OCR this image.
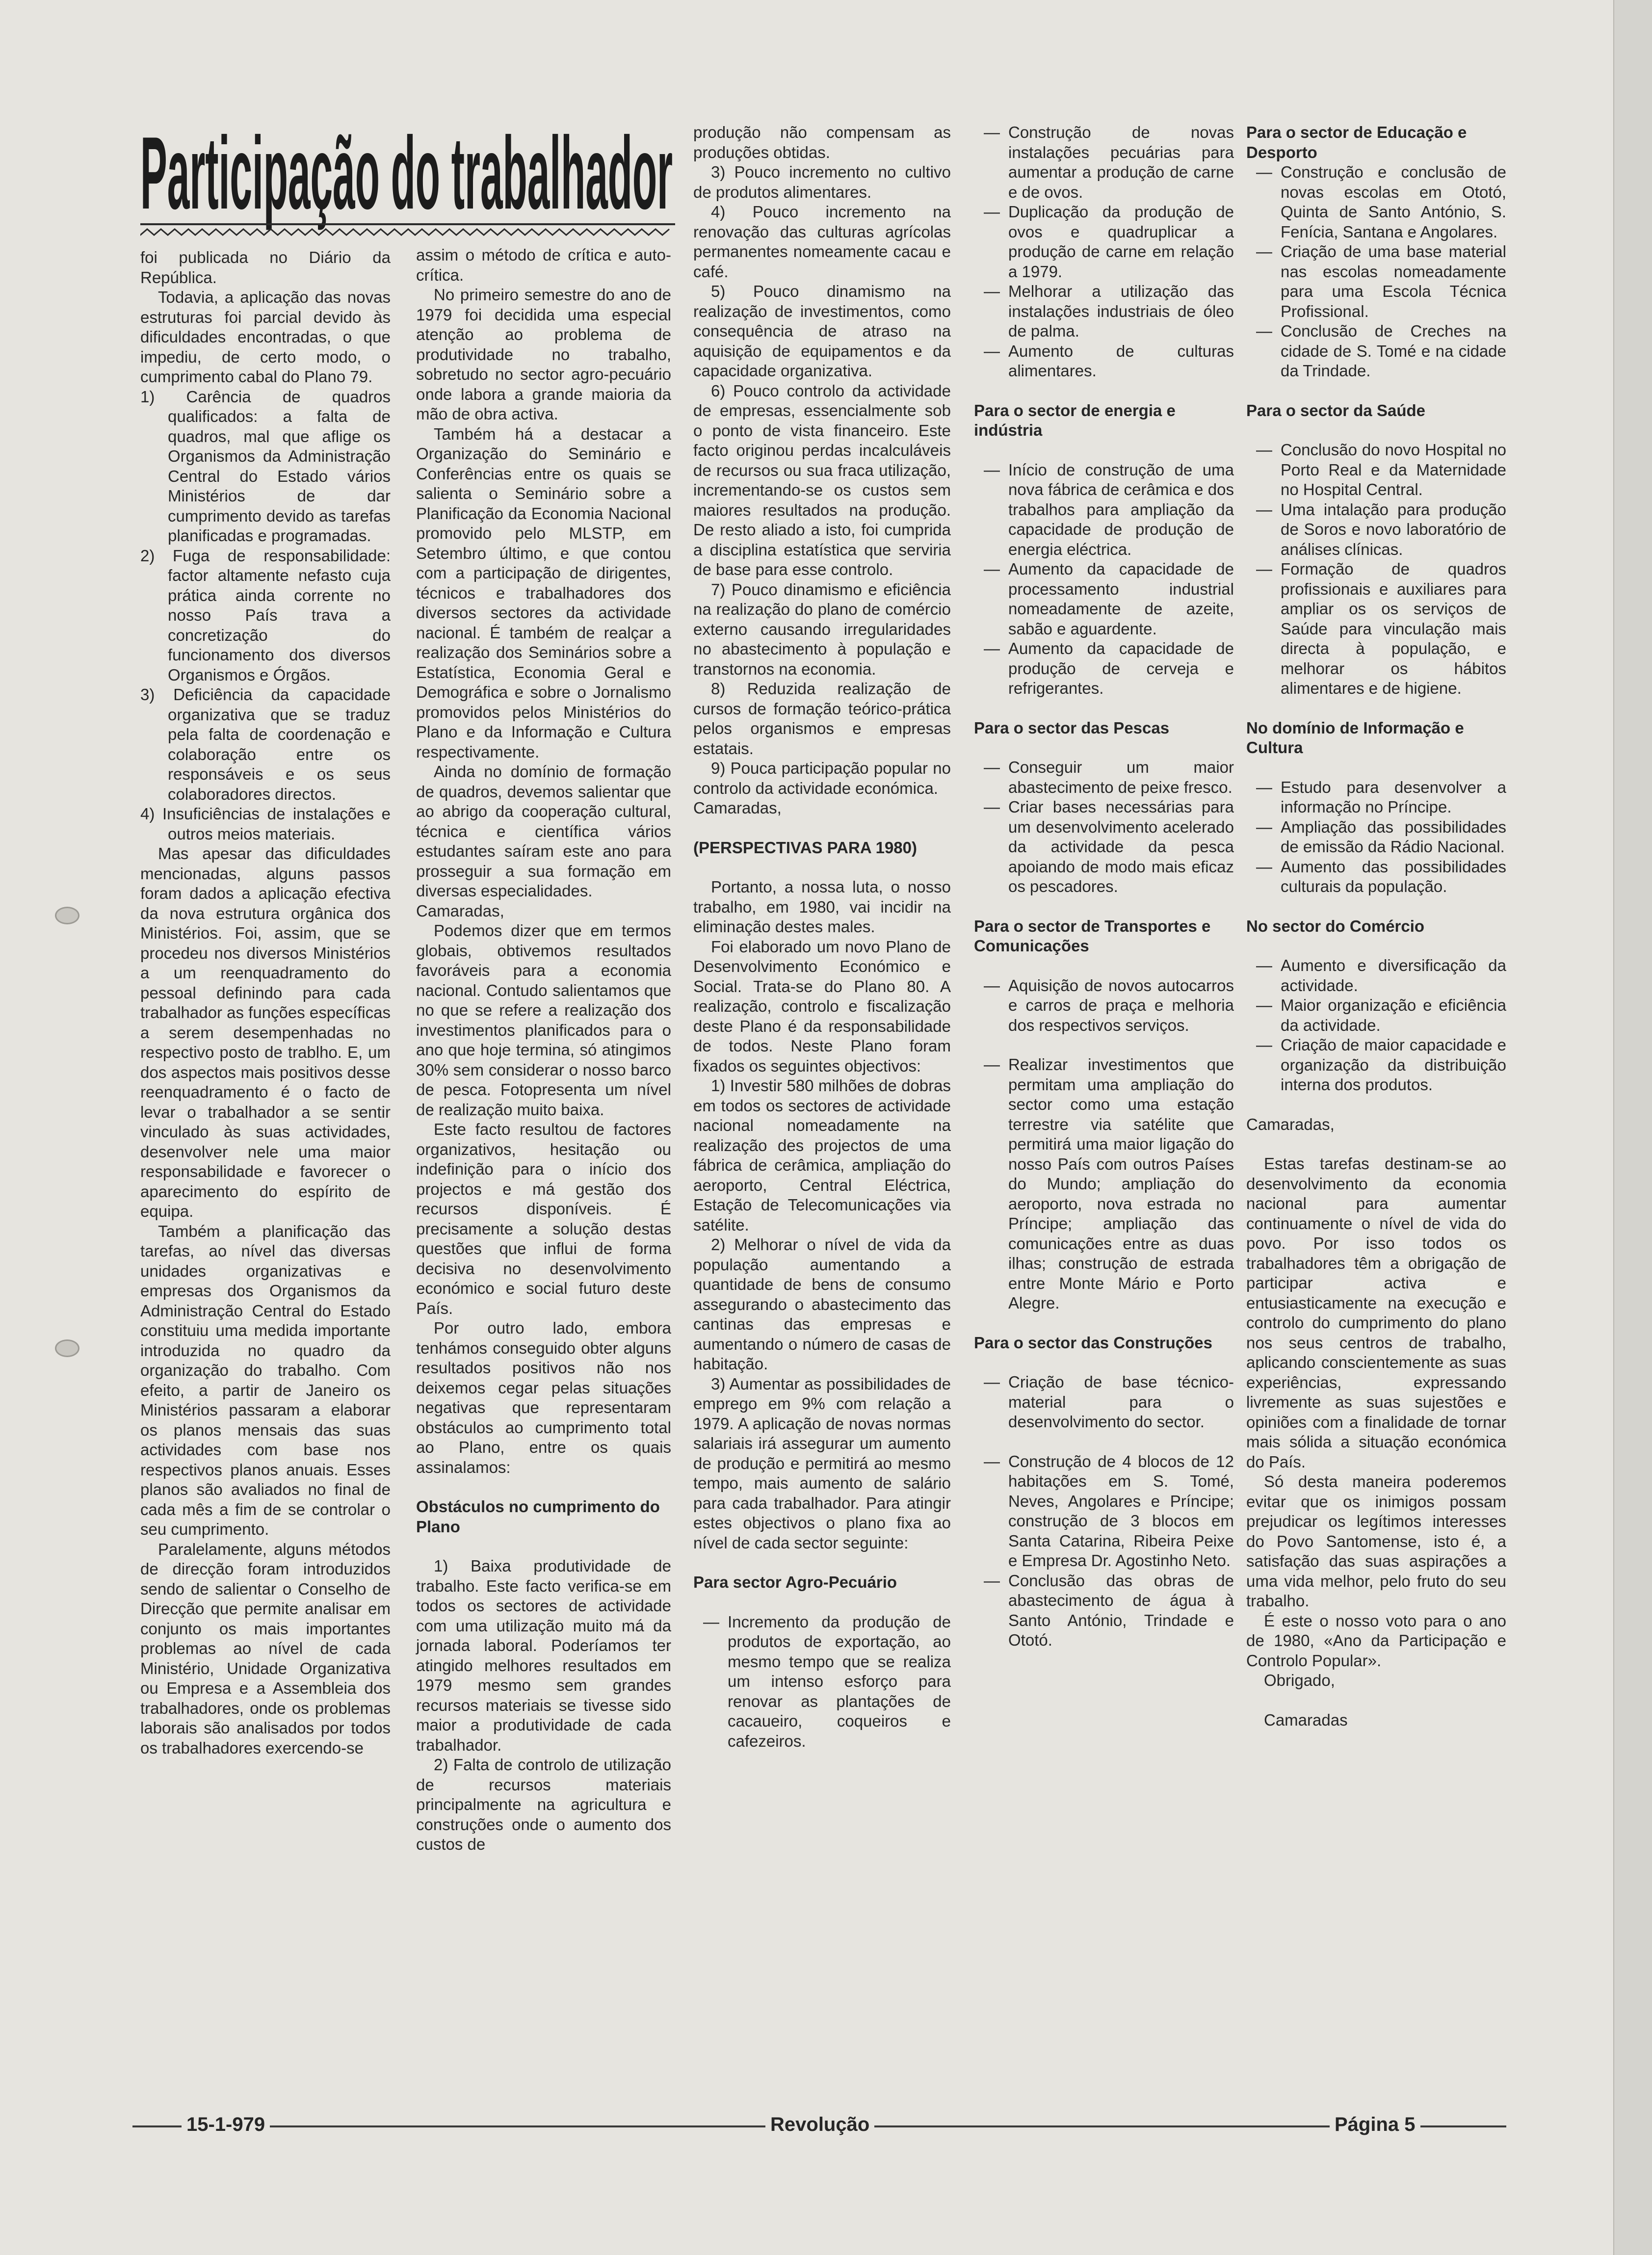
Participação do trabalhador

foi publicada no Diário da República.

Todavia, a aplicação das novas estruturas foi parcial devido às dificuldades encontradas, o que impediu, de certo modo, o cumprimento cabal do Plano 79.

1) Carência de quadros qualificados: a falta de quadros, mal que aflige os Organismos da Administração Central do Estado vários Ministérios de dar cumprimento devido as tarefas planificadas e programadas.

2) Fuga de responsabilidade: factor altamente nefasto cuja prática ainda corrente no nosso País trava a concretização do funcionamento dos diversos Organismos e Órgãos.

3) Deficiência da capacidade organizativa que se traduz pela falta de coordenação e colaboração entre os responsáveis e os seus colaboradores directos.

4) Insuficiências de instalações e outros meios materiais.

Mas apesar das dificuldades mencionadas, alguns passos foram dados a aplicação efectiva da nova estrutura orgânica dos Ministérios. Foi, assim, que se procedeu nos diversos Ministérios a um reenquadramento do pessoal definindo para cada trabalhador as funções específicas a serem desempenhadas no respectivo posto de trablho. E, um dos aspectos mais positivos desse reenquadramento é o facto de levar o trabalhador a se sentir vinculado às suas actividades, desenvolver nele uma maior responsabilidade e favorecer o aparecimento do espírito de equipa.

Também a planificação das tarefas, ao nível das diversas unidades organizativas e empresas dos Organismos da Administração Central do Estado constituiu uma medida importante introduzida no quadro da organização do trabalho. Com efeito, a partir de Janeiro os Ministérios passaram a elaborar os planos mensais das suas actividades com base nos respectivos planos anuais. Esses planos são avaliados no final de cada mês a fim de se controlar o seu cumprimento.

Paralelamente, alguns métodos de direcção foram introduzidos sendo de salientar o Conselho de Direcção que permite analisar em conjunto os mais importantes problemas ao nível de cada Ministério, Unidade Organizativa ou Empresa e a Assembleia dos trabalhadores, onde os problemas laborais são analisados por todos os trabalhadores exercendo-se

assim o método de crítica e auto-crítica.

No primeiro semestre do ano de 1979 foi decidida uma especial atenção ao problema de produtividade no trabalho, sobretudo no sector agro-pecuário onde labora a grande maioria da mão de obra activa.

Também há a destacar a Organização do Seminário e Conferências entre os quais se salienta o Seminário sobre a Planificação da Economia Nacional promovido pelo MLSTP, em Setembro último, e que contou com a participação de dirigentes, técnicos e trabalhadores dos diversos sectores da actividade nacional. É também de realçar a realização dos Seminários sobre a Estatística, Economia Geral e Demográfica e sobre o Jornalismo promovidos pelos Ministérios do Plano e da Informação e Cultura respectivamente.

Ainda no domínio de formação de quadros, devemos salientar que ao abrigo da cooperação cultural, técnica e científica vários estudantes saíram este ano para prosseguir a sua formação em diversas especialidades.

Camaradas,

Podemos dizer que em termos globais, obtivemos resultados favoráveis para a economia nacional. Contudo salientamos que no que se refere a realização dos investimentos planificados para o ano que hoje termina, só atingimos 30% sem considerar o nosso barco de pesca. Fotopresenta um nível de realização muito baixa.

Este facto resultou de factores organizativos, hesitação ou indefinição para o início dos projectos e má gestão dos recursos disponíveis. É precisamente a solução destas questões que influi de forma decisiva no desenvolvimento económico e social futuro deste País.

Por outro lado, embora tenhámos conseguido obter alguns resultados positivos não nos deixemos cegar pelas situações negativas que representaram obstáculos ao cumprimento total ao Plano, entre os quais assinalamos:

Obstáculos no cumprimento do Plano

1) Baixa produtividade de trabalho. Este facto verifica-se em todos os sectores de actividade com uma utilização muito má da jornada laboral. Poderíamos ter atingido melhores resultados em 1979 mesmo sem grandes recursos materiais se tivesse sido maior a produtividade de cada trabalhador.

2) Falta de controlo de utilização de recursos materiais principalmente na agricultura e construções onde o aumento dos custos de

produção não compensam as produções obtidas.

3) Pouco incremento no cultivo de produtos alimentares.

4) Pouco incremento na renovação das culturas agrícolas permanentes nomeamente cacau e café.

5) Pouco dinamismo na realização de investimentos, como consequência de atraso na aquisição de equipamentos e da capacidade organizativa.

6) Pouco controlo da actividade de empresas, essencialmente sob o ponto de vista financeiro. Este facto originou perdas incalculáveis de recursos ou sua fraca utilização, incrementando-se os custos sem maiores resultados na produção. De resto aliado a isto, foi cumprida a disciplina estatística que serviria de base para esse controlo.

7) Pouco dinamismo e eficiência na realização do plano de comércio externo causando irregularidades no abastecimento à população e transtornos na economia.

8) Reduzida realização de cursos de formação teórico-prática pelos organismos e empresas estatais.

9) Pouca participação popular no controlo da actividade económica.

Camaradas,

(PERSPECTIVAS PARA 1980)

Portanto, a nossa luta, o nosso trabalho, em 1980, vai incidir na eliminação destes males.

Foi elaborado um novo Plano de Desenvolvimento Económico e Social. Trata-se do Plano 80. A realização, controlo e fiscalização deste Plano é da responsabilidade de todos. Neste Plano foram fixados os seguintes objectivos:

1) Investir 580 milhões de dobras em todos os sectores de actividade nacional nomeadamente na realização des projectos de uma fábrica de cerâmica, ampliação do aeroporto, Central Eléctrica, Estação de Telecomunicações via satélite.

2) Melhorar o nível de vida da população aumentando a quantidade de bens de consumo assegurando o abastecimento das cantinas das empresas e aumentando o número de casas de habitação.

3) Aumentar as possibilidades de emprego em 9% com relação a 1979. A aplicação de novas normas salariais irá assegurar um aumento de produção e permitirá ao mesmo tempo, mais aumento de salário para cada trabalhador. Para atingir estes objectivos o plano fixa ao nível de cada sector seguinte:

Para sector Agro-Pecuário

— Incremento da produção de produtos de exportação, ao mesmo tempo que se realiza um intenso esforço para renovar as plantações de cacaueiro, coqueiros e cafezeiros.

— Construção de novas instalações pecuárias para aumentar a produção de carne e de ovos.

— Duplicação da produção de ovos e quadruplicar a produção de carne em relação a 1979.

— Melhorar a utilização das instalações industriais de óleo de palma.

— Aumento de culturas alimentares.

Para o sector de energia e indústria

— Início de construção de uma nova fábrica de cerâmica e dos trabalhos para ampliação da capacidade de produção de energia eléctrica.

— Aumento da capacidade de processamento industrial nomeadamente de azeite, sabão e aguardente.

— Aumento da capacidade de produção de cerveja e refrigerantes.

Para o sector das Pescas

— Conseguir um maior abastecimento de peixe fresco.

— Criar bases necessárias para um desenvolvimento acelerado da actividade da pesca apoiando de modo mais eficaz os pescadores.

Para o sector de Transportes e Comunicações

— Aquisição de novos autocarros e carros de praça e melhoria dos respectivos serviços.

— Realizar investimentos que permitam uma ampliação do sector como uma estação terrestre via satélite que permitirá uma maior ligação do nosso País com outros Países do Mundo; ampliação do aeroporto, nova estrada no Príncipe; ampliação das comunicações entre as duas ilhas; construção de estrada entre Monte Mário e Porto Alegre.

Para o sector das Construções

— Criação de base técnico-material para o desenvolvimento do sector.

— Construção de 4 blocos de 12 habitações em S. Tomé, Neves, Angolares e Príncipe; construção de 3 blocos em Santa Catarina, Ribeira Peixe e Empresa Dr. Agostinho Neto.

— Conclusão das obras de abastecimento de água à Santo António, Trindade e Ototó.

Para o sector de Educação e Desporto

— Construção e conclusão de novas escolas em Ototó, Quinta de Santo António, S. Fenícia, Santana e Angolares.

— Criação de uma base material nas escolas nomeadamente para uma Escola Técnica Profissional.

— Conclusão de Creches na cidade de S. Tomé e na cidade da Trindade.

Para o sector da Saúde

— Conclusão do novo Hospital no Porto Real e da Maternidade no Hospital Central.

— Uma intalação para produção de Soros e novo laboratório de análises clínicas.

— Formação de quadros profissionais e auxiliares para ampliar os os serviços de Saúde para vinculação mais directa à população, e melhorar os hábitos alimentares e de higiene.

No domínio de Informação e Cultura

— Estudo para desenvolver a informação no Príncipe.

— Ampliação das possibilidades de emissão da Rádio Nacional.

— Aumento das possibilidades culturais da população.

No sector do Comércio

— Aumento e diversificação da actividade.

— Maior organização e eficiência da actividade.

— Criação de maior capacidade e organização da distribuição interna dos produtos.

Camaradas,

Estas tarefas destinam-se ao desenvolvimento da economia nacional para aumentar continuamente o nível de vida do povo. Por isso todos os trabalhadores têm a obrigação de participar activa e entusiasticamente na execução e controlo do cumprimento do plano nos seus centros de trabalho, aplicando conscientemente as suas experiências, expressando livremente as suas sujestões e opiniões com a finalidade de tornar mais sólida a situação económica do País.

Só desta maneira poderemos evitar que os inimigos possam prejudicar os legítimos interesses do Povo Santomense, isto é, a satisfação das suas aspirações a uma vida melhor, pelo fruto do seu trabalho.

É este o nosso voto para o ano de 1980, «Ano da Participação e Controlo Popular».

Obrigado,

Camaradas

15-1-979	Revolução	Página 5
